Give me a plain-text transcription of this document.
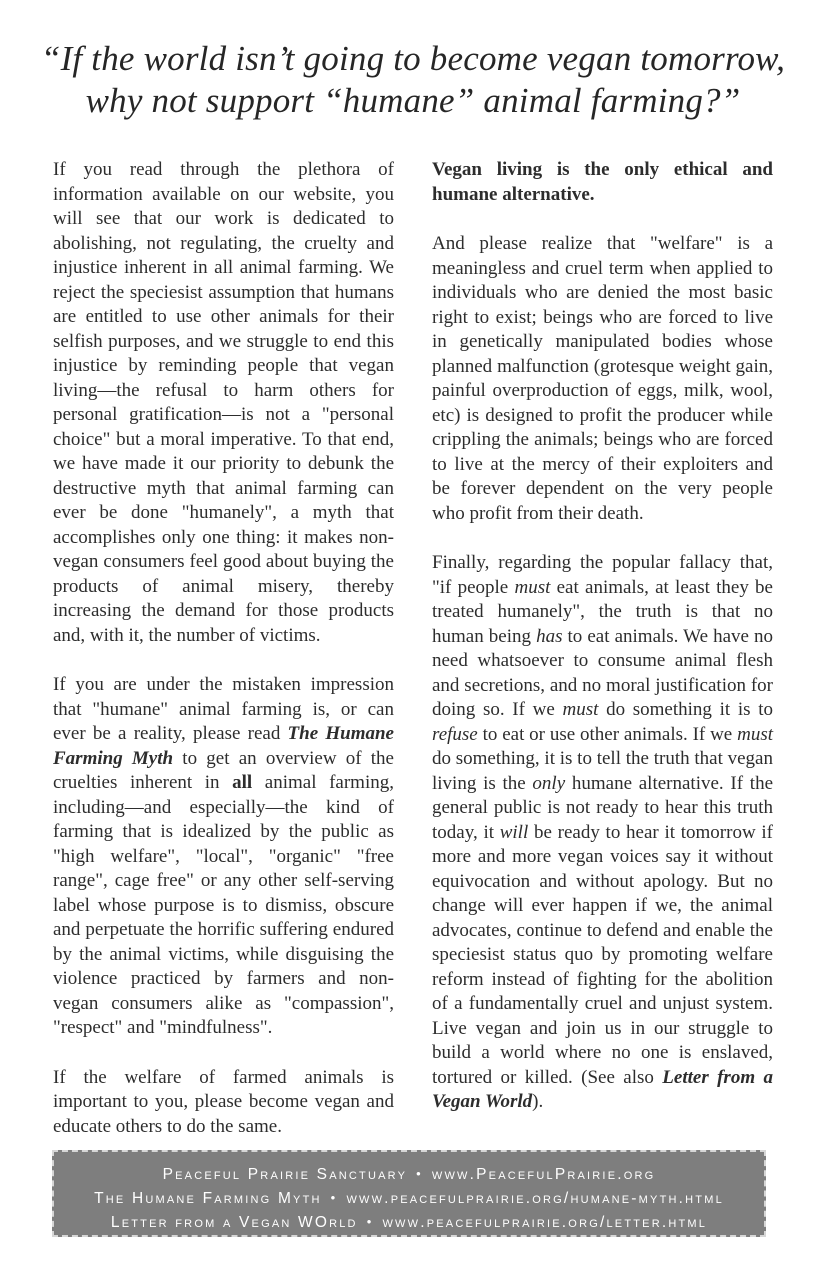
“If the world isn’t going to become vegan tomorrow,
why not support “humane” animal farming?”

If you read through the plethora of information available on our website, you will see that our work is dedicated to abolishing, not regulating, the cruelty and injustice inherent in all animal farming. We reject the speciesist assumption that humans are entitled to use other animals for their selfish purposes, and we struggle to end this injustice by reminding people that vegan living—the refusal to harm others for personal gratification—is not a "personal choice" but a moral imperative. To that end, we have made it our priority to debunk the destructive myth that animal farming can ever be done "humanely", a myth that accomplishes only one thing: it makes non-vegan consumers feel good about buying the products of animal misery, thereby increasing the demand for those products and, with it, the number of victims.

If you are under the mistaken impression that "humane" animal farming is, or can ever be a reality, please read The Humane Farming Myth to get an overview of the cruelties inherent in all animal farming, including—and especially—the kind of farming that is idealized by the public as "high welfare", "local", "organic" "free range", cage free" or any other self-serving label whose purpose is to dismiss, obscure and perpetuate the horrific suffering endured by the animal victims, while disguising the violence practiced by farmers and non-vegan consumers alike as "compassion", "respect" and "mindfulness".

If the welfare of farmed animals is important to you, please become vegan and educate others to do the same.

Vegan living is the only ethical and humane alternative.

And please realize that "welfare" is a meaningless and cruel term when applied to individuals who are denied the most basic right to exist; beings who are forced to live in genetically manipulated bodies whose planned malfunction (grotesque weight gain, painful overproduction of eggs, milk, wool, etc) is designed to profit the producer while crippling the animals; beings who are forced to live at the mercy of their exploiters and be forever dependent on the very people who profit from their death.

Finally, regarding the popular fallacy that, "if people must eat animals, at least they be treated humanely", the truth is that no human being has to eat animals. We have no need whatsoever to consume animal flesh and secretions, and no moral justification for doing so. If we must do something it is to refuse to eat or use other animals. If we must do something, it is to tell the truth that vegan living is the only humane alternative. If the general public is not ready to hear this truth today, it will be ready to hear it tomorrow if more and more vegan voices say it without equivocation and without apology. But no change will ever happen if we, the animal advocates, continue to defend and enable the speciesist status quo by promoting welfare reform instead of fighting for the abolition of a fundamentally cruel and unjust system. Live vegan and join us in our struggle to build a world where no one is enslaved, tortured or killed. (See also Letter from a Vegan World).

Peaceful Prairie Sanctuary • www.PeacefulPrairie.org
The Humane Farming Myth • www.peacefulprairie.org/humane-myth.html
Letter from a Vegan WOrld • www.peacefulprairie.org/letter.html
